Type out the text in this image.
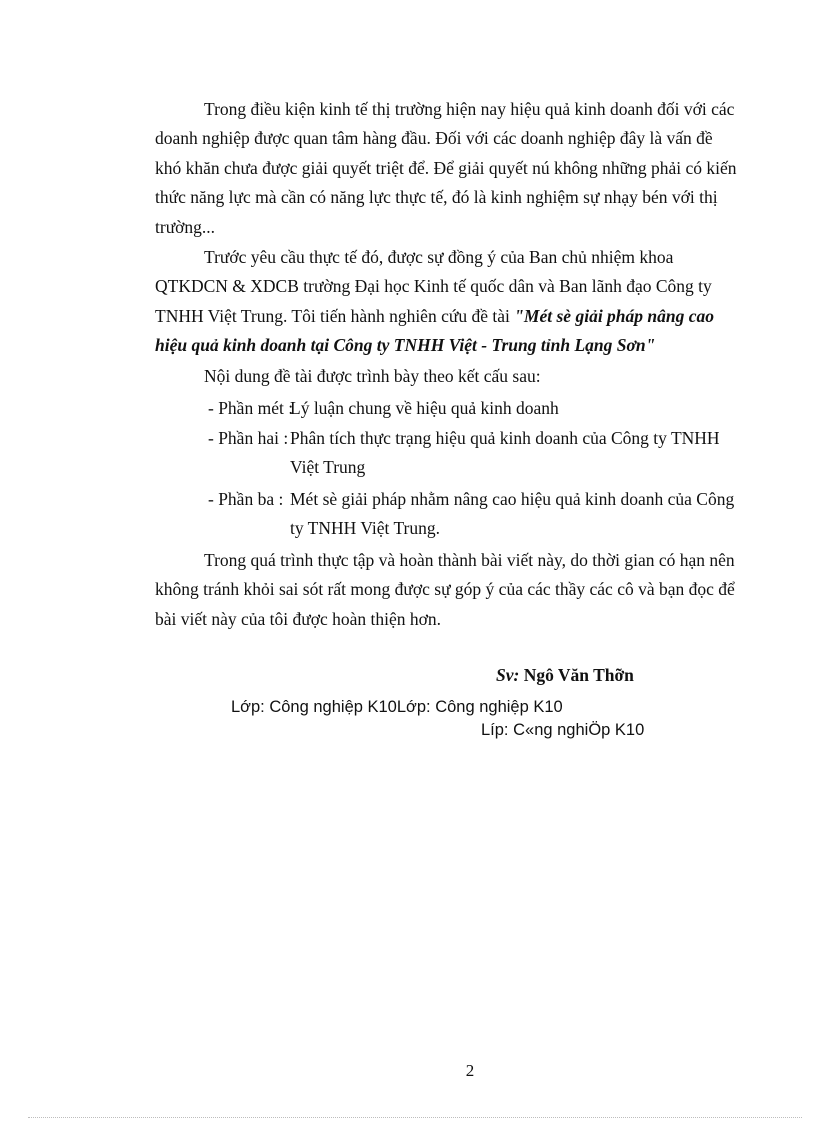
Trong điều kiện kinh tế thị trường hiện nay hiệu quả kinh doanh đối với các
doanh nghiệp được quan tâm hàng đầu. Đối với các doanh nghiệp đây là vấn đề
khó khăn chưa được giải quyết triệt để. Để giải quyết nú không những phải có kiến
thức năng lực mà cần có năng lực thực tế, đó là kinh nghiệm sự nhạy bén với thị
trường...
Trước yêu cầu thực tế đó, được sự đồng ý của Ban chủ nhiệm khoa
QTKDCN & XDCB trường Đại học Kinh tế quốc dân và Ban lãnh đạo Công ty
TNHH Việt Trung. Tôi tiến hành nghiên cứu đề tài "Mét sè giải pháp nâng cao
hiệu quả kinh doanh tại Công ty TNHH Việt - Trung tỉnh Lạng Sơn"
Nội dung đề tài được trình bày theo kết cấu sau:
- Phần mét :
Lý luận chung về hiệu quả kinh doanh
- Phần hai : Phân tích thực trạng hiệu quả kinh doanh của Công ty TNHH
Việt Trung
- Phần ba : Mét sè giải pháp nhằm nâng cao hiệu quả kinh doanh của Công
ty TNHH Việt Trung.
Trong quá trình thực tập và hoàn thành bài viết này, do thời gian có hạn nên
không tránh khỏi sai sót rất mong được sự góp ý của các thầy các cô và bạn đọc để
bài viết này của tôi được hoàn thiện hơn.
Sv: Ngô Văn Thỡn
Lớp: Công nghiệp K10Lớp: Công nghiệp K10
Líp: C«ng nghiÖp K10
2
